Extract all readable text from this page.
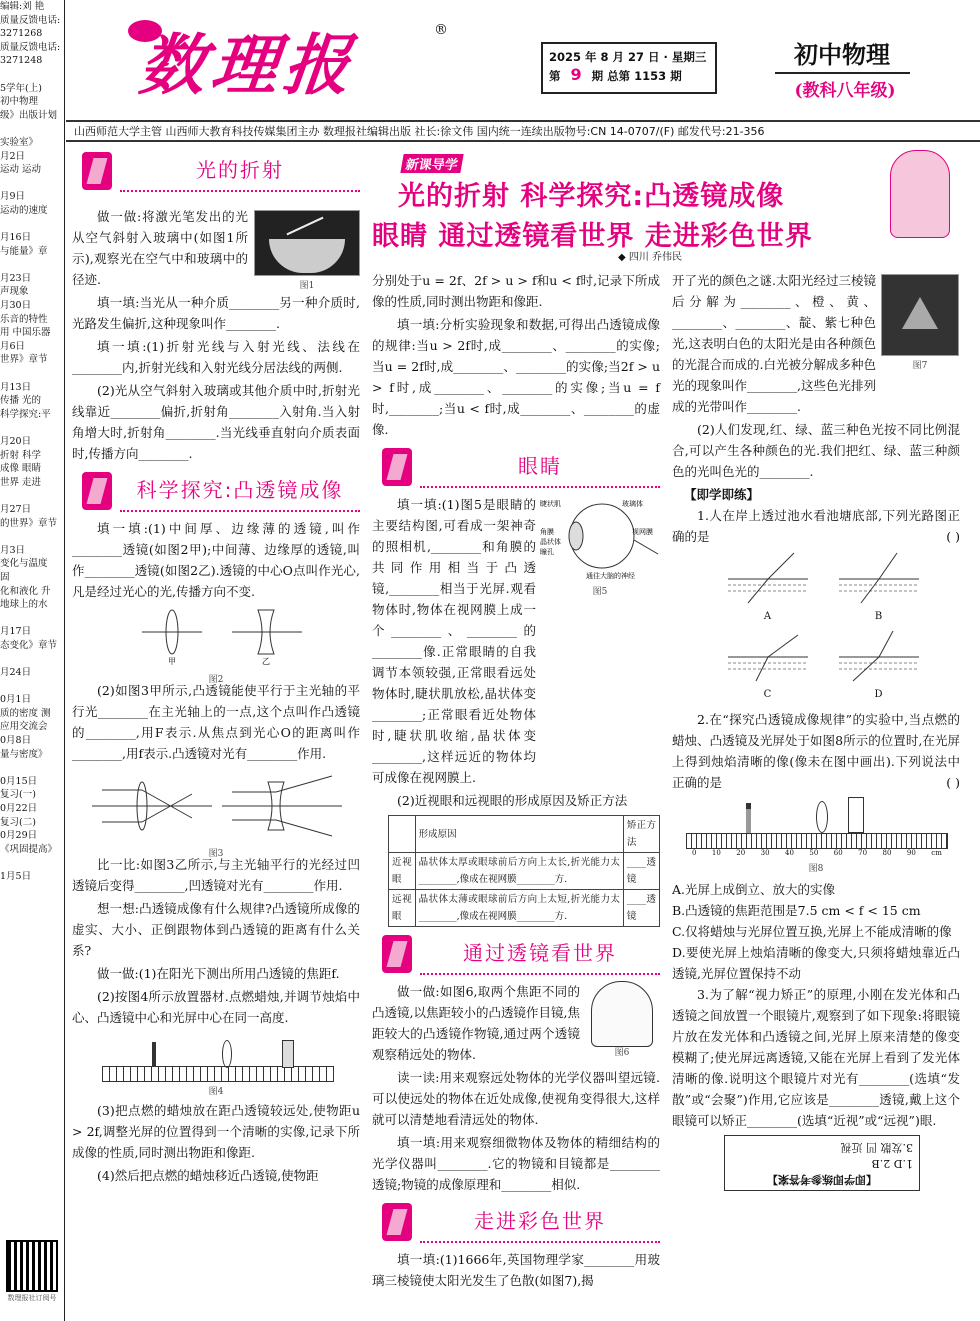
编辑:刘 艳
质量反馈电话:
3271268
质量反馈电话:
3271248

5学年(上)
初中物理
级》出版计划

实验室》
月2日
运动 运动

月9日
运动的速度

月16日
与能量》章

月23日
声现象
月30日
乐音的特性
用 中国乐器
月6日
世界》章节

月13日
传播 光的
科学探究:平

月20日
折射 科学
成像 眼睛
世界 走进

月27日
的世界》章节

月3日
变化与温度
固
化和液化 升
地球上的水

月17日
态变化》章节

月24日

0月1日
质的密度 测
应用交流会
0月8日
量与密度》

0月15日
复习(一)
0月22日
复习(二)
0月29日
《巩固提高》

1月5日
数理报社订阅号
数理报	®
2025 年 8 月 27 日 · 星期三
第 9 期 总第 1153 期
初中物理
(教科八年级)
山西师范大学主管 山西师大教育科技传媒集团主办 数理报社编辑出版 社长:徐文伟 国内统一连续出版物号:CN 14-0707/(F) 邮发代号:21-356
光的折射

做一做:将激光笔发出的光从空气斜射入玻璃中(如图1所示),观察光在空气中和玻璃中的径迹.	图1

填一填:当光从一种介质________另一种介质时,光路发生偏折,这种现象叫作________.

填一填:(1)折射光线与入射光线、法线在________内,折射光线和入射光线分居法线的两侧.

(2)光从空气斜射入玻璃或其他介质中时,折射光线靠近________偏折,折射角________入射角.当入射角增大时,折射角________.当光线垂直射向介质表面时,传播方向________.

科学探究:凸透镜成像

填一填:(1)中间厚、边缘薄的透镜,叫作________透镜(如图2甲);中间薄、边缘厚的透镜,叫作________透镜(如图2乙).透镜的中心O点叫作光心,凡是经过光心的光,传播方向不变.

甲	乙
图2

(2)如图3甲所示,凸透镜能使平行于主光轴的平行光________在主光轴上的一点,这个点叫作凸透镜的________,用F表示.从焦点到光心O的距离叫作________,用f表示.凸透镜对光有________作用.

图3

比一比:如图3乙所示,与主光轴平行的光经过凹透镜后变得________,凹透镜对光有________作用.

想一想:凸透镜成像有什么规律?凸透镜所成像的虚实、大小、正倒跟物体到凸透镜的距离有什么关系?

做一做:(1)在阳光下测出所用凸透镜的焦距f.

(2)按图4所示放置器材.点燃蜡烛,并调节烛焰中心、凸透镜中心和光屏中心在同一高度.

图4

(3)把点燃的蜡烛放在距凸透镜较远处,使物距u > 2f,调整光屏的位置得到一个清晰的实像,记录下所成像的性质,同时测出物距和像距.

(4)然后把点燃的蜡烛移近凸透镜,使物距

新课导学
光的折射 科学探究:凸透镜成像
眼睛 通过透镜看世界 走进彩色世界
◆ 四川 乔伟民

分别处于u = 2f、2f > u > f和u < f时,记录下所成像的性质,同时测出物距和像距.

填一填:分析实验现象和数据,可得出凸透镜成像的规律:当u > 2f时,成________、________的实像;当u = 2f时,成________、________的实像;当2f > u > f时,成________、________的实像;当u = f时,________;当u < f时,成________、________的虚像.

眼睛

填一填:(1)图5是眼睛的主要结构图,可看成一架神奇的照相机,________和角膜的共同作用相当于凸透镜,________相当于光屏.观看物体时,物体在视网膜上成一个________、________的________像.正常眼睛的自我调节本领较强,正常眼看远处物体时,睫状肌放松,晶状体变________;正常眼看近处物体时,睫状肌收缩,晶状体变________,这样远近的物体均可成像在视网膜上.

睫状肌
角膜
晶状体
瞳孔
玻璃体
视网膜
通往大脑的神经
图5

(2)近视眼和远视眼的形成原因及矫正方法

	形成原因	矫正方法
近视眼	晶状体太厚或眼球前后方向上太长,折光能力太________,像成在视网膜________方.	____透镜
远视眼	晶状体太薄或眼球前后方向上太短,折光能力太________,像成在视网膜________方.	____透镜
通过透镜看世界

做一做:如图6,取两个焦距不同的凸透镜,以焦距较小的凸透镜作目镜,焦距较大的凸透镜作物镜,通过两个透镜观察稍远处的物体.	图6

读一读:用来观察远处物体的光学仪器叫望远镜.可以使远处的物体在近处成像,使视角变得很大,这样就可以清楚地看清远处的物体.

填一填:用来观察细微物体及物体的精细结构的光学仪器叫________.它的物镜和目镜都是________透镜;物镜的成像原理和________相似.

走进彩色世界

填一填:(1)1666年,英国物理学家________用玻璃三棱镜使太阳光发生了色散(如图7),揭

开了光的颜色之谜.太阳光经过三棱镜后分解为________、橙、黄、________、________、靛、紫七种色光,这表明白色的太阳光是由各种颜色的光混合而成的.白光被分解成多种色光的现象叫作________,这些色光排列成的光带叫作________.

图7

(2)人们发现,红、绿、蓝三种色光按不同比例混合,可以产生各种颜色的光.我们把红、绿、蓝三种颜色的光叫色光的________.

【即学即练】

1.人在岸上透过池水看池塘底部,下列光路图正确的是	( )

A	B
C	D

2.在“探究凸透镜成像规律”的实验中,当点燃的蜡烛、凸透镜及光屏处于如图8所示的位置时,在光屏上得到烛焰清晰的像(像未在图中画出).下列说法中正确的是	( )

0 10 20 30 40 50 60 70 80 90 cm
图8
A.光屏上成倒立、放大的实像
B.凸透镜的焦距范围是7.5 cm < f < 15 cm
C.仅将蜡烛与光屏位置互换,光屏上不能成清晰的像
D.要使光屏上烛焰清晰的像变大,只须将蜡烛靠近凸透镜,光屏位置保持不动

3.为了解“视力矫正”的原理,小刚在发光体和凸透镜之间放置一个眼镜片,观察到了如下现象:将眼镜片放在发光体和凸透镜之间,光屏上原来清楚的像变模糊了;使光屏远离透镜,又能在光屏上看到了发光体清晰的像.说明这个眼镜片对光有________(选填“发散”或“会聚”)作用,它应该是________透镜,戴上这个眼镜可以矫正________(选填“近视”或“远视”)眼.

【即学即练参考答案】
1.D 2.B
3.发散 凹 近视
